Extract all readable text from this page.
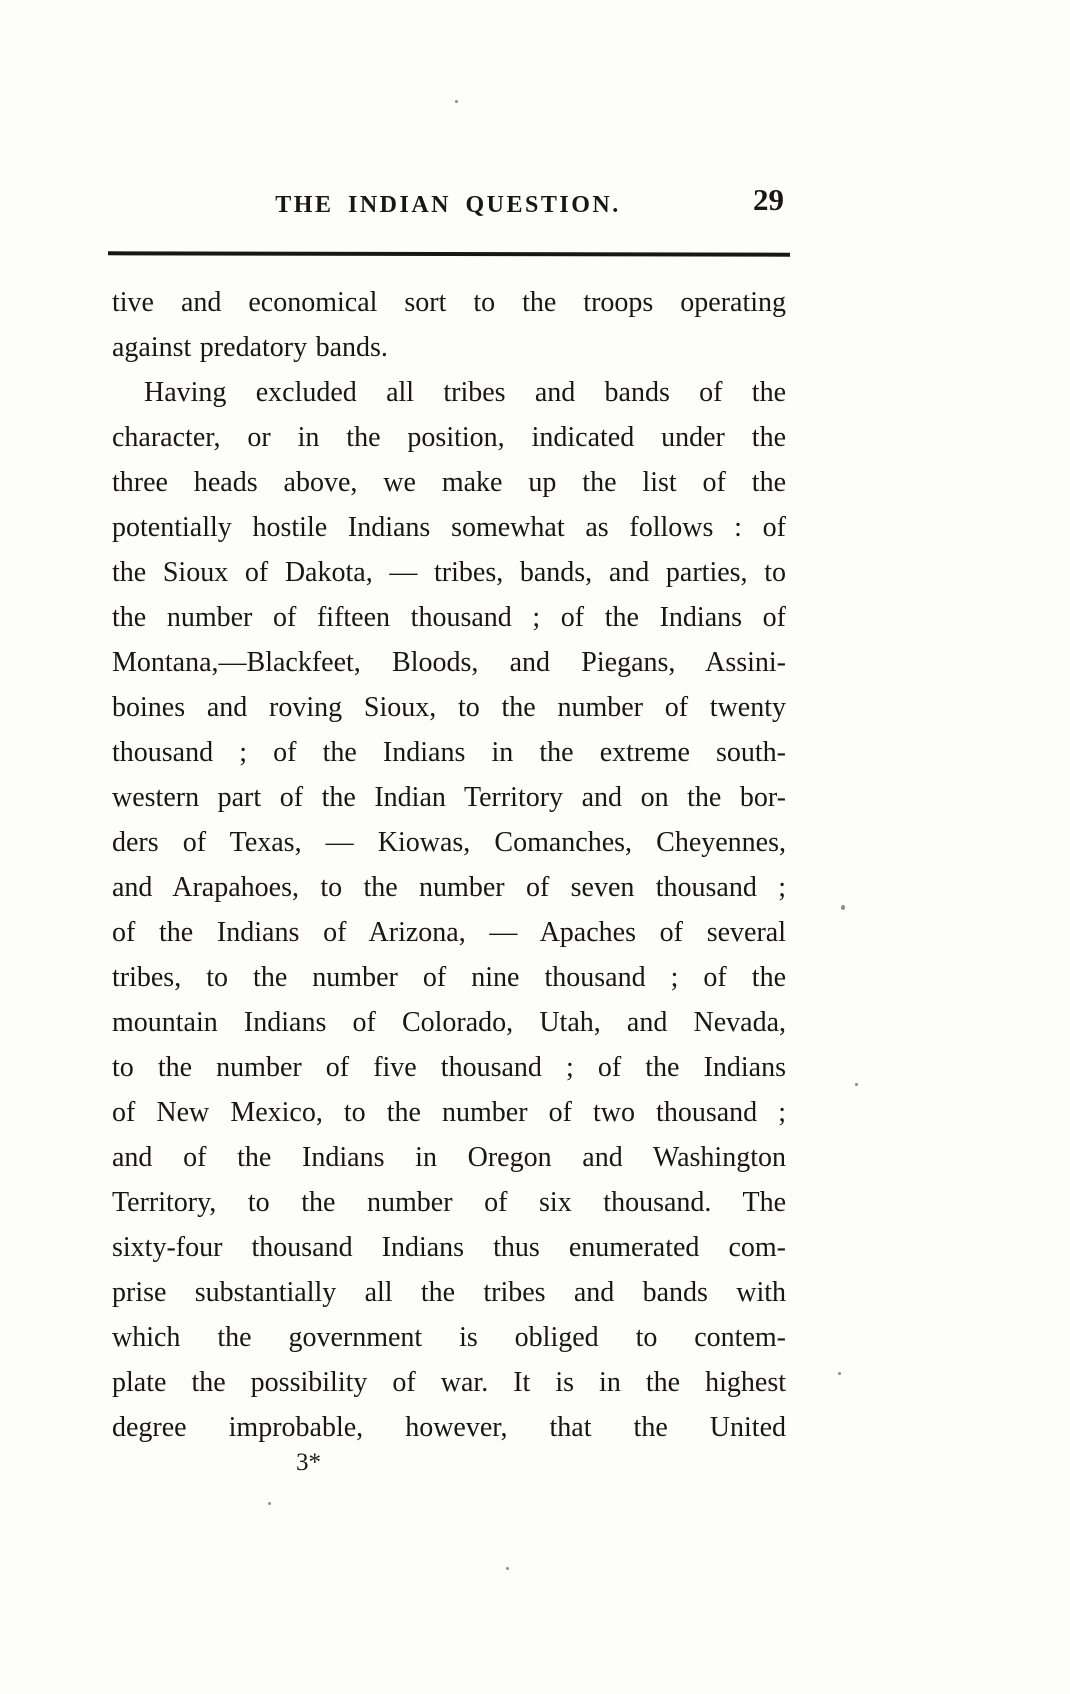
THE INDIAN QUESTION.	29
tive and economical sort to the troops operating
against predatory bands.
Having excluded all tribes and bands of the
character, or in the position, indicated under the
three heads above, we make up the list of the
potentially hostile Indians somewhat as follows : of
the Sioux of Dakota, — tribes, bands, and parties, to
the number of fifteen thousand ; of the Indians of
Montana,—Blackfeet, Bloods, and Piegans, Assini-
boines and roving Sioux, to the number of twenty
thousand ; of the Indians in the extreme south-
western part of the Indian Territory and on the bor-
ders of Texas, — Kiowas, Comanches, Cheyennes,
and Arapahoes, to the number of seven thousand ;
of the Indians of Arizona, — Apaches of several
tribes, to the number of nine thousand ; of the
mountain Indians of Colorado, Utah, and Nevada,
to the number of five thousand ; of the Indians
of New Mexico, to the number of two thousand ;
and of the Indians in Oregon and Washington
Territory, to the number of six thousand. The
sixty-four thousand Indians thus enumerated com-
prise substantially all the tribes and bands with
which the government is obliged to contem-
plate the possibility of war. It is in the highest
degree improbable, however, that the United
3*
